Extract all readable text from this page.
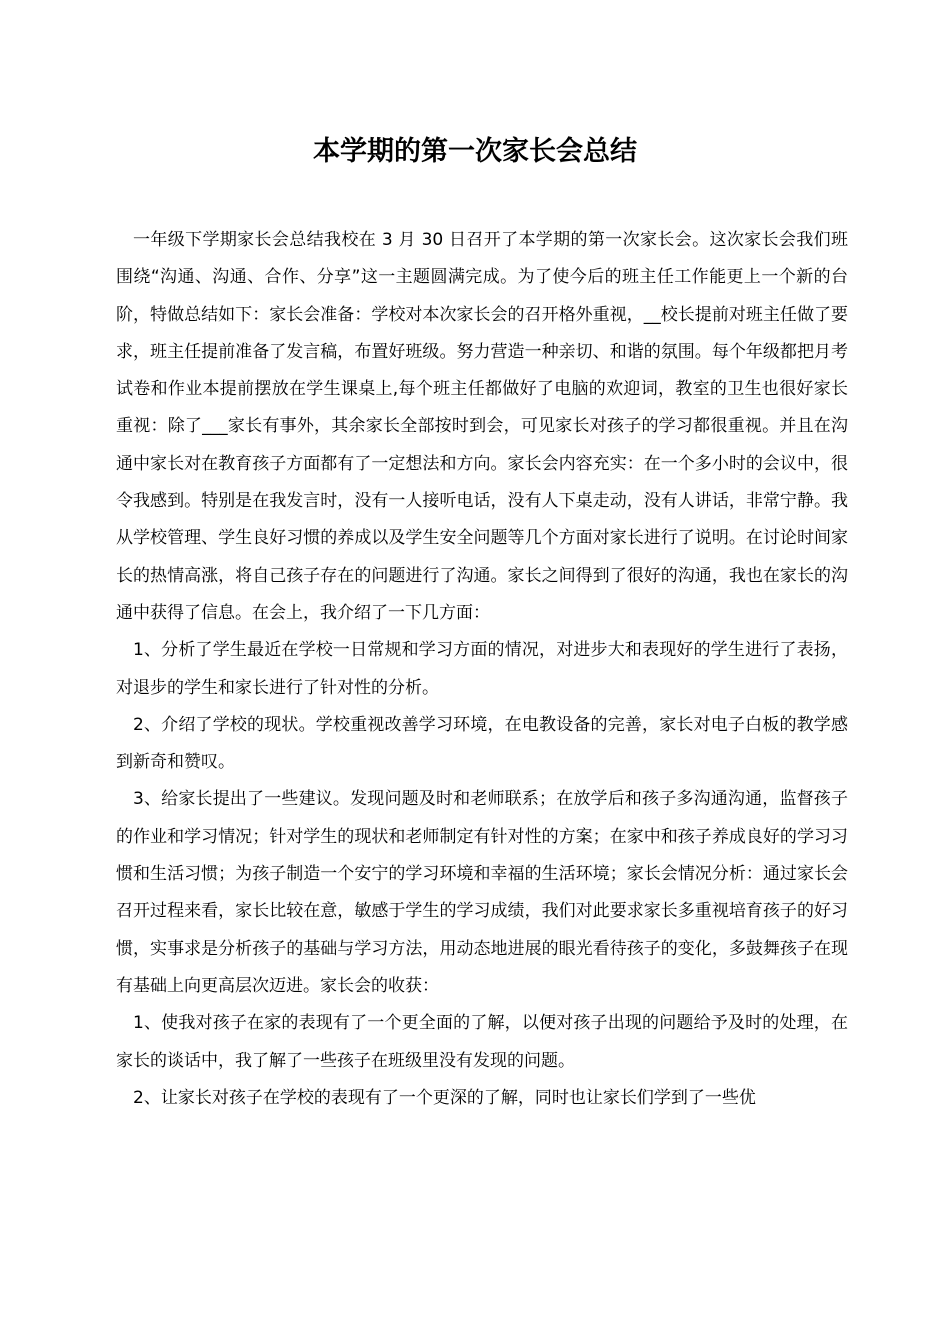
本学期的第一次家长会总结

一年级下学期家长会总结我校在 3 月 30 日召开了本学期的第一次家长会。这次家长会我们班围绕“沟通、沟通、合作、分享”这一主题圆满完成。为了使今后的班主任工作能更上一个新的台阶，特做总结如下：家长会准备：学校对本次家长会的召开格外重视，__校长提前对班主任做了要求，班主任提前准备了发言稿，布置好班级。努力营造一种亲切、和谐的氛围。每个年级都把月考试卷和作业本提前摆放在学生课桌上,每个班主任都做好了电脑的欢迎词，教室的卫生也很好家长重视：除了___家长有事外，其余家长全部按时到会，可见家长对孩子的学习都很重视。并且在沟通中家长对在教育孩子方面都有了一定想法和方向。家长会内容充实：在一个多小时的会议中，很令我感到。特别是在我发言时，没有一人接听电话，没有人下桌走动，没有人讲话，非常宁静。我从学校管理、学生良好习惯的养成以及学生安全问题等几个方面对家长进行了说明。在讨论时间家长的热情高涨，将自己孩子存在的问题进行了沟通。家长之间得到了很好的沟通，我也在家长的沟通中获得了信息。在会上，我介绍了一下几方面：

1、分析了学生最近在学校一日常规和学习方面的情况，对进步大和表现好的学生进行了表扬，对退步的学生和家长进行了针对性的分析。

2、介绍了学校的现状。学校重视改善学习环境，在电教设备的完善，家长对电子白板的教学感到新奇和赞叹。

3、给家长提出了一些建议。发现问题及时和老师联系；在放学后和孩子多沟通沟通，监督孩子的作业和学习情况；针对学生的现状和老师制定有针对性的方案；在家中和孩子养成良好的学习习惯和生活习惯；为孩子制造一个安宁的学习环境和幸福的生活环境；家长会情况分析：通过家长会召开过程来看，家长比较在意，敏感于学生的学习成绩，我们对此要求家长多重视培育孩子的好习惯，实事求是分析孩子的基础与学习方法，用动态地进展的眼光看待孩子的变化，多鼓舞孩子在现有基础上向更高层次迈进。家长会的收获：

1、使我对孩子在家的表现有了一个更全面的了解，以便对孩子出现的问题给予及时的处理，在家长的谈话中，我了解了一些孩子在班级里没有发现的问题。

2、让家长对孩子在学校的表现有了一个更深的了解，同时也让家长们学到了一些优
